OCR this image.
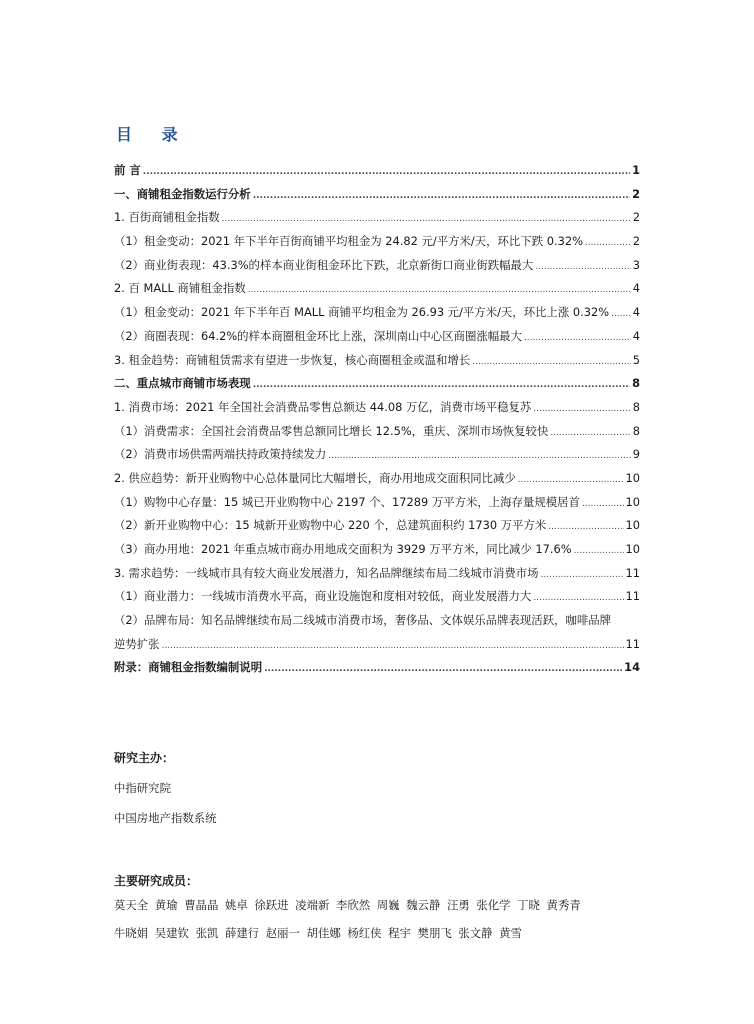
目 录
前 言 .....	1
一、商铺租金指数运行分析 .....	2
1. 百街商铺租金指数 .....	2
（1）租金变动：2021 年下半年百街商铺平均租金为 24.82 元/平方米/天，环比下跌 0.32% .....	2
（2）商业街表现：43.3%的样本商业街租金环比下跌，北京新街口商业街跌幅最大 .....	3
2. 百 MALL 商铺租金指数 .....	4
（1）租金变动：2021 年下半年百 MALL 商铺平均租金为 26.93 元/平方米/天，环比上涨 0.32% ..... 4
（2）商圈表现：64.2%的样本商圈租金环比上涨，深圳南山中心区商圈涨幅最大 .....	4
3. 租金趋势：商铺租赁需求有望进一步恢复，核心商圈租金或温和增长 .....	5
二、重点城市商铺市场表现 .....	8
1. 消费市场：2021 年全国社会消费品零售总额达 44.08 万亿，消费市场平稳复苏 .....	8
（1）消费需求：全国社会消费品零售总额同比增长 12.5%，重庆、深圳市场恢复较快 .....	8
（2）消费市场供需两端扶持政策持续发力 .....	9
2. 供应趋势：新开业购物中心总体量同比大幅增长，商办用地成交面积同比减少 .....	10
（1）购物中心存量：15 城已开业购物中心 2197 个、17289 万平方米，上海存量规模居首 .....	10
（2）新开业购物中心：15 城新开业购物中心 220 个，总建筑面积约 1730 万平方米 .....	10
（3）商办用地：2021 年重点城市商办用地成交面积为 3929 万平方米，同比减少 17.6% .....	10
3. 需求趋势：一线城市具有较大商业发展潜力，知名品牌继续布局二线城市消费市场 .....	11
（1）商业潜力：一线城市消费水平高，商业设施饱和度相对较低，商业发展潜力大 .....	11
（2）品牌布局：知名品牌继续布局二线城市消费市场，奢侈品、文体娱乐品牌表现活跃，咖啡品牌
逆势扩张 .....	11
附录：商铺租金指数编制说明 .....	14
研究主办：
中指研究院
中国房地产指数系统
主要研究成员：
莫天全 黄瑜 曹晶晶 姚卓 徐跃进 凌端新 李欣然 周巍 魏云静 汪勇 张化学 丁晓 黄秀青
牛晓娟 吴建钦 张凯 薛建行 赵丽一 胡佳娜 杨红侠 程宇 樊朋飞 张文静 黄雪
